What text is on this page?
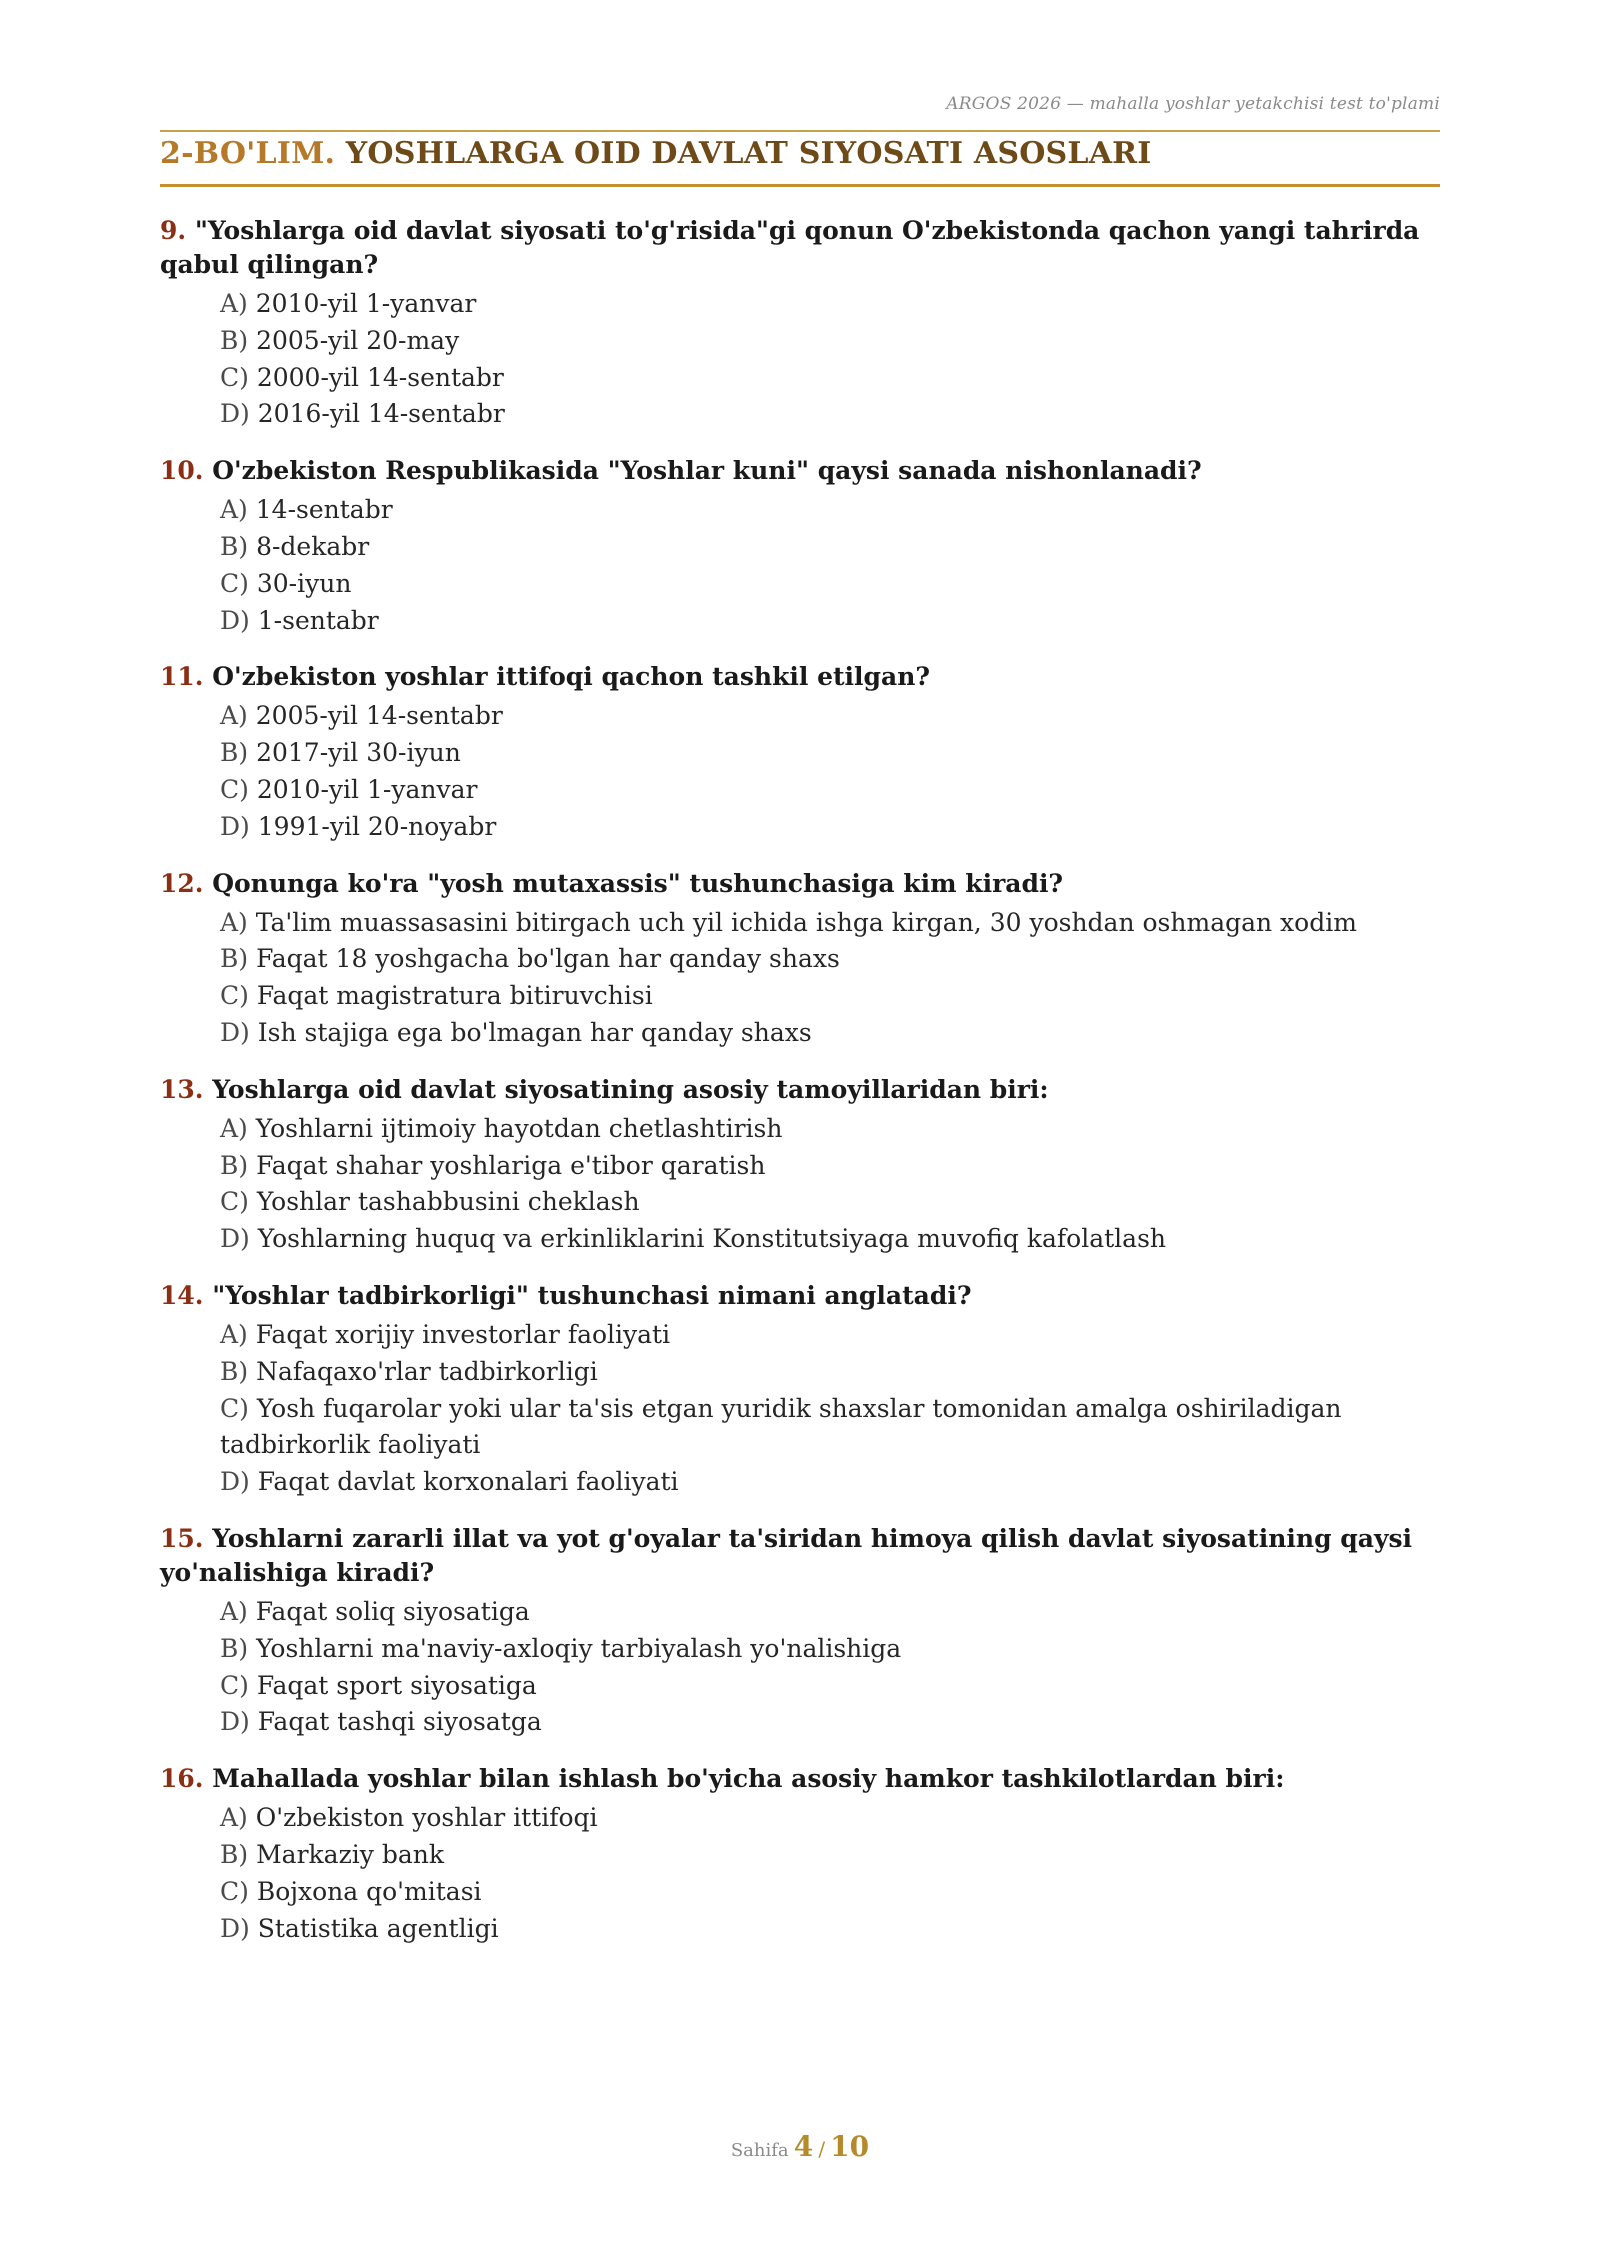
ARGOS 2026 — mahalla yoshlar yetakchisi test to'plami
2-BO'LIM. YOSHLARGA OID DAVLAT SIYOSATI ASOSLARI
9. "Yoshlarga oid davlat siyosati to'g'risida"gi qonun O'zbekistonda qachon yangi tahrirda qabul qilingan?
A) 2010-yil 1-yanvar
B) 2005-yil 20-may
C) 2000-yil 14-sentabr
D) 2016-yil 14-sentabr
10. O'zbekiston Respublikasida "Yoshlar kuni" qaysi sanada nishonlanadi?
A) 14-sentabr
B) 8-dekabr
C) 30-iyun
D) 1-sentabr
11. O'zbekiston yoshlar ittifoqi qachon tashkil etilgan?
A) 2005-yil 14-sentabr
B) 2017-yil 30-iyun
C) 2010-yil 1-yanvar
D) 1991-yil 20-noyabr
12. Qonunga ko'ra "yosh mutaxassis" tushunchasiga kim kiradi?
A) Ta'lim muassasasini bitirgach uch yil ichida ishga kirgan, 30 yoshdan oshmagan xodim
B) Faqat 18 yoshgacha bo'lgan har qanday shaxs
C) Faqat magistratura bitiruvchisi
D) Ish stajiga ega bo'lmagan har qanday shaxs
13. Yoshlarga oid davlat siyosatining asosiy tamoyillaridan biri:
A) Yoshlarni ijtimoiy hayotdan chetlashtirish
B) Faqat shahar yoshlariga e'tibor qaratish
C) Yoshlar tashabbusini cheklash
D) Yoshlarning huquq va erkinliklarini Konstitutsiyaga muvofiq kafolatlash
14. "Yoshlar tadbirkorligi" tushunchasi nimani anglatadi?
A) Faqat xorijiy investorlar faoliyati
B) Nafaqaxo'rlar tadbirkorligi
C) Yosh fuqarolar yoki ular ta'sis etgan yuridik shaxslar tomonidan amalga oshiriladigan tadbirkorlik faoliyati
D) Faqat davlat korxonalari faoliyati
15. Yoshlarni zararli illat va yot g'oyalar ta'siridan himoya qilish davlat siyosatining qaysi yo'nalishiga kiradi?
A) Faqat soliq siyosatiga
B) Yoshlarni ma'naviy-axloqiy tarbiyalash yo'nalishiga
C) Faqat sport siyosatiga
D) Faqat tashqi siyosatga
16. Mahallada yoshlar bilan ishlash bo'yicha asosiy hamkor tashkilotlardan biri:
A) O'zbekiston yoshlar ittifoqi
B) Markaziy bank
C) Bojxona qo'mitasi
D) Statistika agentligi
Sahifa 4 / 10
